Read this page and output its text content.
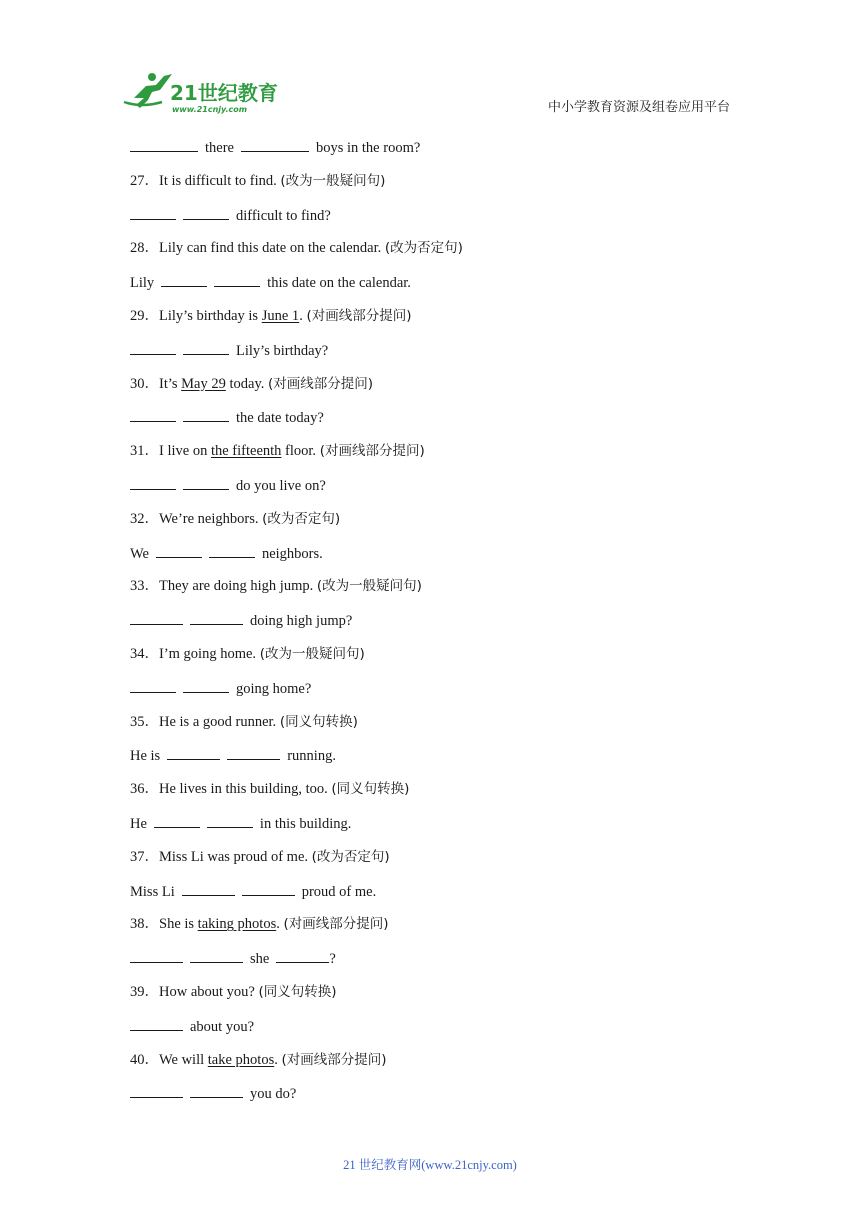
21世纪教育
www.21cnjy.com	中小学教育资源及组卷应用平台
there	boys in the room?
27．It is difficult to find. (改为一般疑问句)
difficult to find?
28．Lily can find this date on the calendar. (改为否定句)
Lily	this date on the calendar.
29．Lily’s birthday is June 1. (对画线部分提问)
Lily’s birthday?
30．It’s May 29 today. (对画线部分提问)
the date today?
31．I live on the fifteenth floor. (对画线部分提问)
do you live on?
32．We’re neighbors. (改为否定句)
We	neighbors.
33．They are doing high jump. (改为一般疑问句)
doing high jump?
34．I’m going home. (改为一般疑问句)
going home?
35．He is a good runner. (同义句转换)
He is	running.
36．He lives in this building, too. (同义句转换)
He	in this building.
37．Miss Li was proud of me. (改为否定句)
Miss Li	proud of me.
38．She is taking photos. (对画线部分提问)
she	?
39．How about you? (同义句转换)
about you?
40．We will take photos. (对画线部分提问)
you do?
21 世纪教育网(www.21cnjy.com)
